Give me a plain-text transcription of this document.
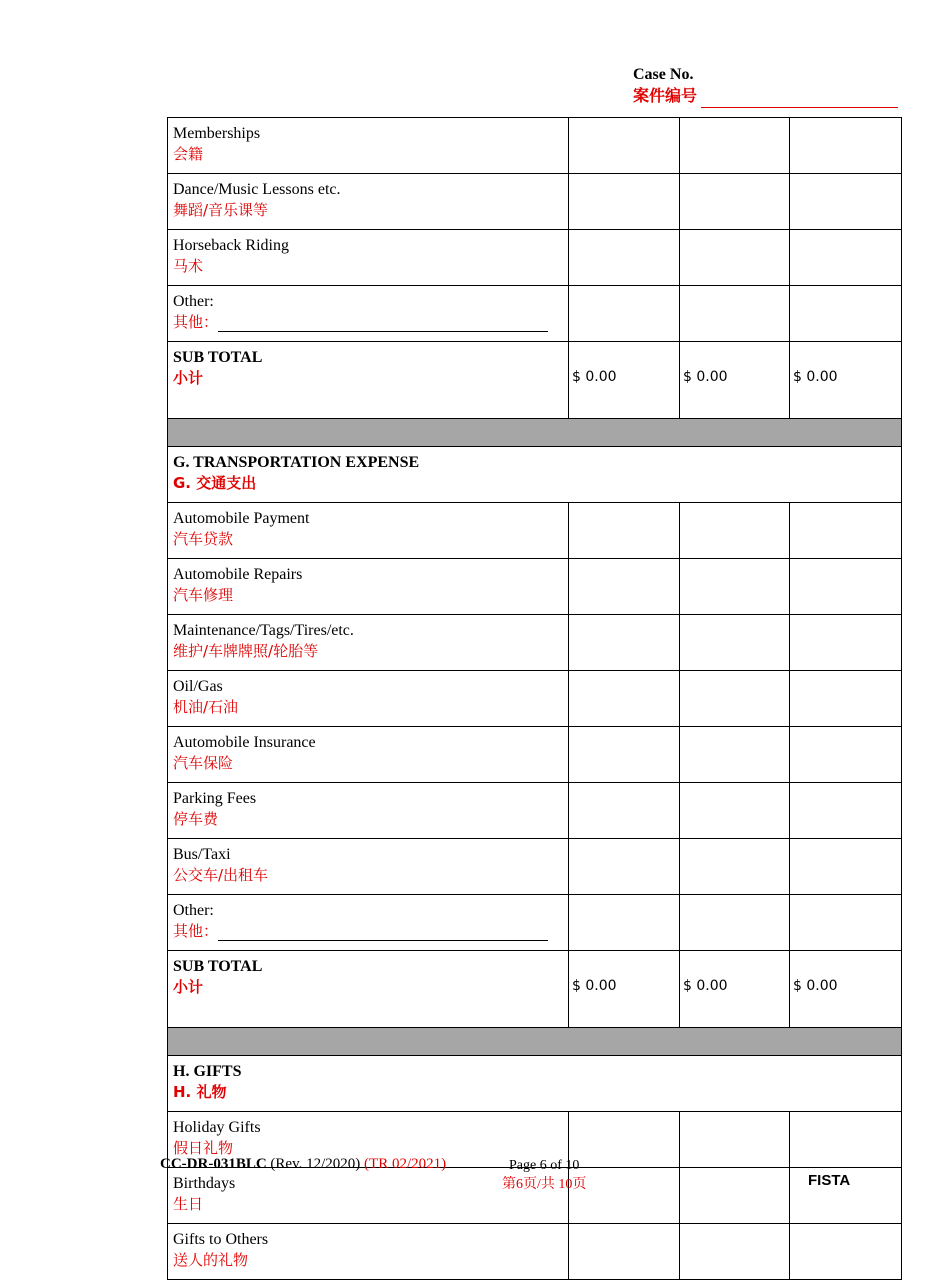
Case No.
案件编号
Memberships
会籍			

Dance/Music Lessons etc.
舞蹈/音乐课等			

Horseback Riding
马术			

Other:
其他：			

SUB TOTAL
小计	$ 0.00	$ 0.00	$ 0.00

G. TRANSPORTATION EXPENSE
G. 交通支出			

Automobile Payment
汽车贷款			

Automobile Repairs
汽车修理			

Maintenance/Tags/Tires/etc.
维护/车牌牌照/轮胎等			

Oil/Gas
机油/石油			

Automobile Insurance
汽车保险			

Parking Fees
停车费			

Bus/Taxi
公交车/出租车			

Other:
其他：			

SUB TOTAL
小计	$ 0.00	$ 0.00	$ 0.00

H. GIFTS
H. 礼物			

Holiday Gifts
假日礼物			

Birthdays
生日			

Gifts to Others
送人的礼物			

CC-DR-031BLC (Rev. 12/2020) (TR 02/2021)	Page 6 of 10
第6页/共 10页	FISTA
